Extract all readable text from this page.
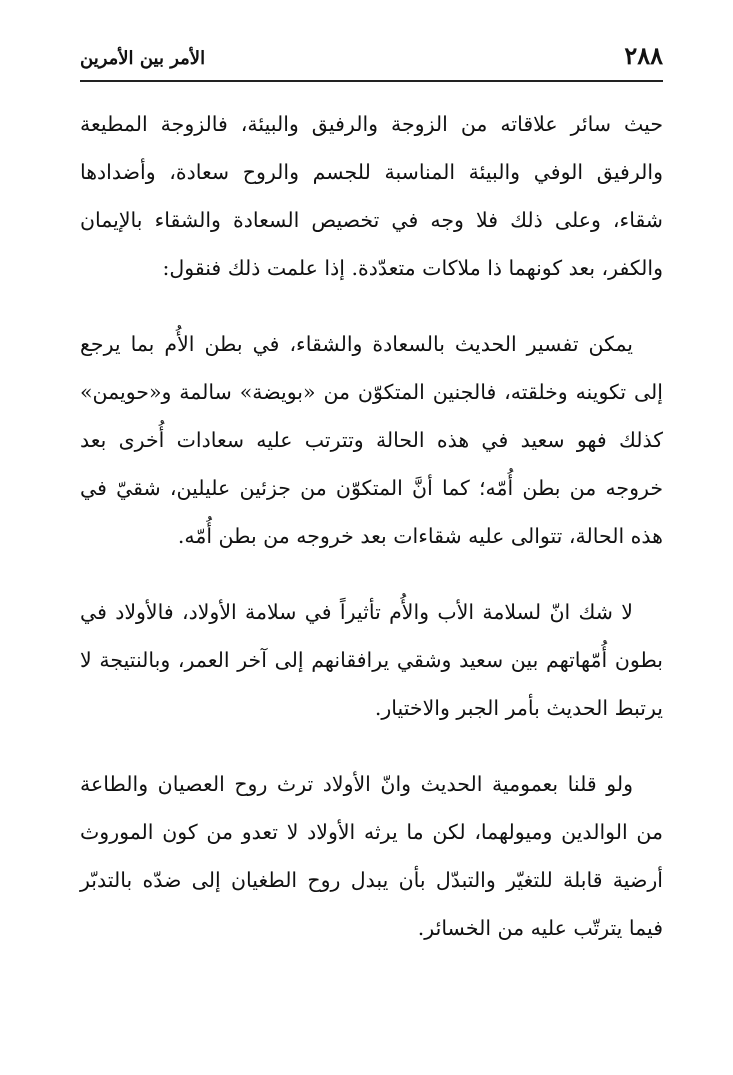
٢٨٨
الأمر بين الأمرين

حيث سائر علاقاته من الزوجة والرفيق والبيئة، فالزوجة المطيعة والرفيق الوفي والبيئة المناسبة للجسم والروح سعادة، وأضدادها شقاء، وعلى ذلك فلا وجه في تخصيص السعادة والشقاء بالإيمان والكفر، بعد كونهما ذا ملاكات متعدّدة. إذا علمت ذلك فنقول:

يمكن تفسير الحديث بالسعادة والشقاء، في بطن الأُم بما يرجع إلى تكوينه وخلقته، فالجنين المتكوّن من «بويضة» سالمة و«حويمن» كذلك فهو سعيد في هذه الحالة وتترتب عليه سعادات أُخرى بعد خروجه من بطن أُمّه؛ كما أنَّ المتكوّن من جزئين عليلين، شقيّ في هذه الحالة، تتوالى عليه شقاءات بعد خروجه من بطن أُمّه.

لا شك انّ لسلامة الأب والأُم تأثيراً في سلامة الأولاد، فالأولاد في بطون أُمّهاتهم بين سعيد وشقي يرافقانهم إلى آخر العمر، وبالنتيجة لا يرتبط الحديث بأمر الجبر والاختيار.

ولو قلنا بعمومية الحديث وانّ الأولاد ترث روح العصيان والطاعة من الوالدين وميولهما، لكن ما يرثه الأولاد لا تعدو من كون الموروث أرضية قابلة للتغيّر والتبدّل بأن يبدل روح الطغيان إلى ضدّه بالتدبّر فيما يترتّب عليه من الخسائر.
